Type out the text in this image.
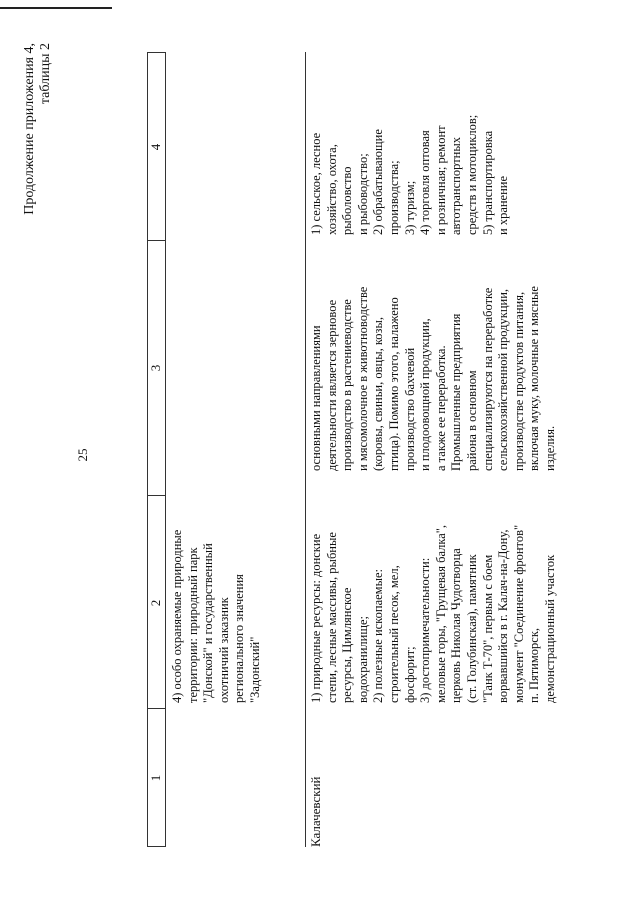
25
Продолжение приложения 4, таблицы 2
1
2
3
4
4) особо охраняемые природные территории: природный парк "Донской" и государственный охотничий заказник регионального значения "Задонский"
Калачевский
1) природные ресурсы: донские степи, лесные массивы, рыбные ресурсы, Цимлянское водохранилище; 2) полезные ископаемые: строительный песок, мел, фосфорит; 3) достопримечательности: меловые горы, "Грущевая балка", церковь Николая Чудотворца (ст. Голубинская), памятник "Танк Т-70", первым с боем ворвавшийся в г. Калач-на-Дону, монумент "Соединение фронтов" п. Пятиморск, демонстрационный участок
основными направлениями деятельности является зерновое производство в растениеводстве и мясомолочное в животноводстве (коровы, свиньи, овцы, козы, птица). Помимо этого, налажено производство бахчевой и плодоовощной продукции, а также ее переработка. Промышленные предприятия района в основном специализируются на переработке сельскохозяйственной продукции, производстве продуктов питания, включая муку, молочные и мясные изделия.
1) сельское, лесное хозяйство, охота, рыболовство и рыбоводство; 2) обрабатывающие производства; 3) туризм; 4) торговля оптовая и розничная; ремонт автотранспортных средств и мотоциклов; 5) транспортировка и хранение
